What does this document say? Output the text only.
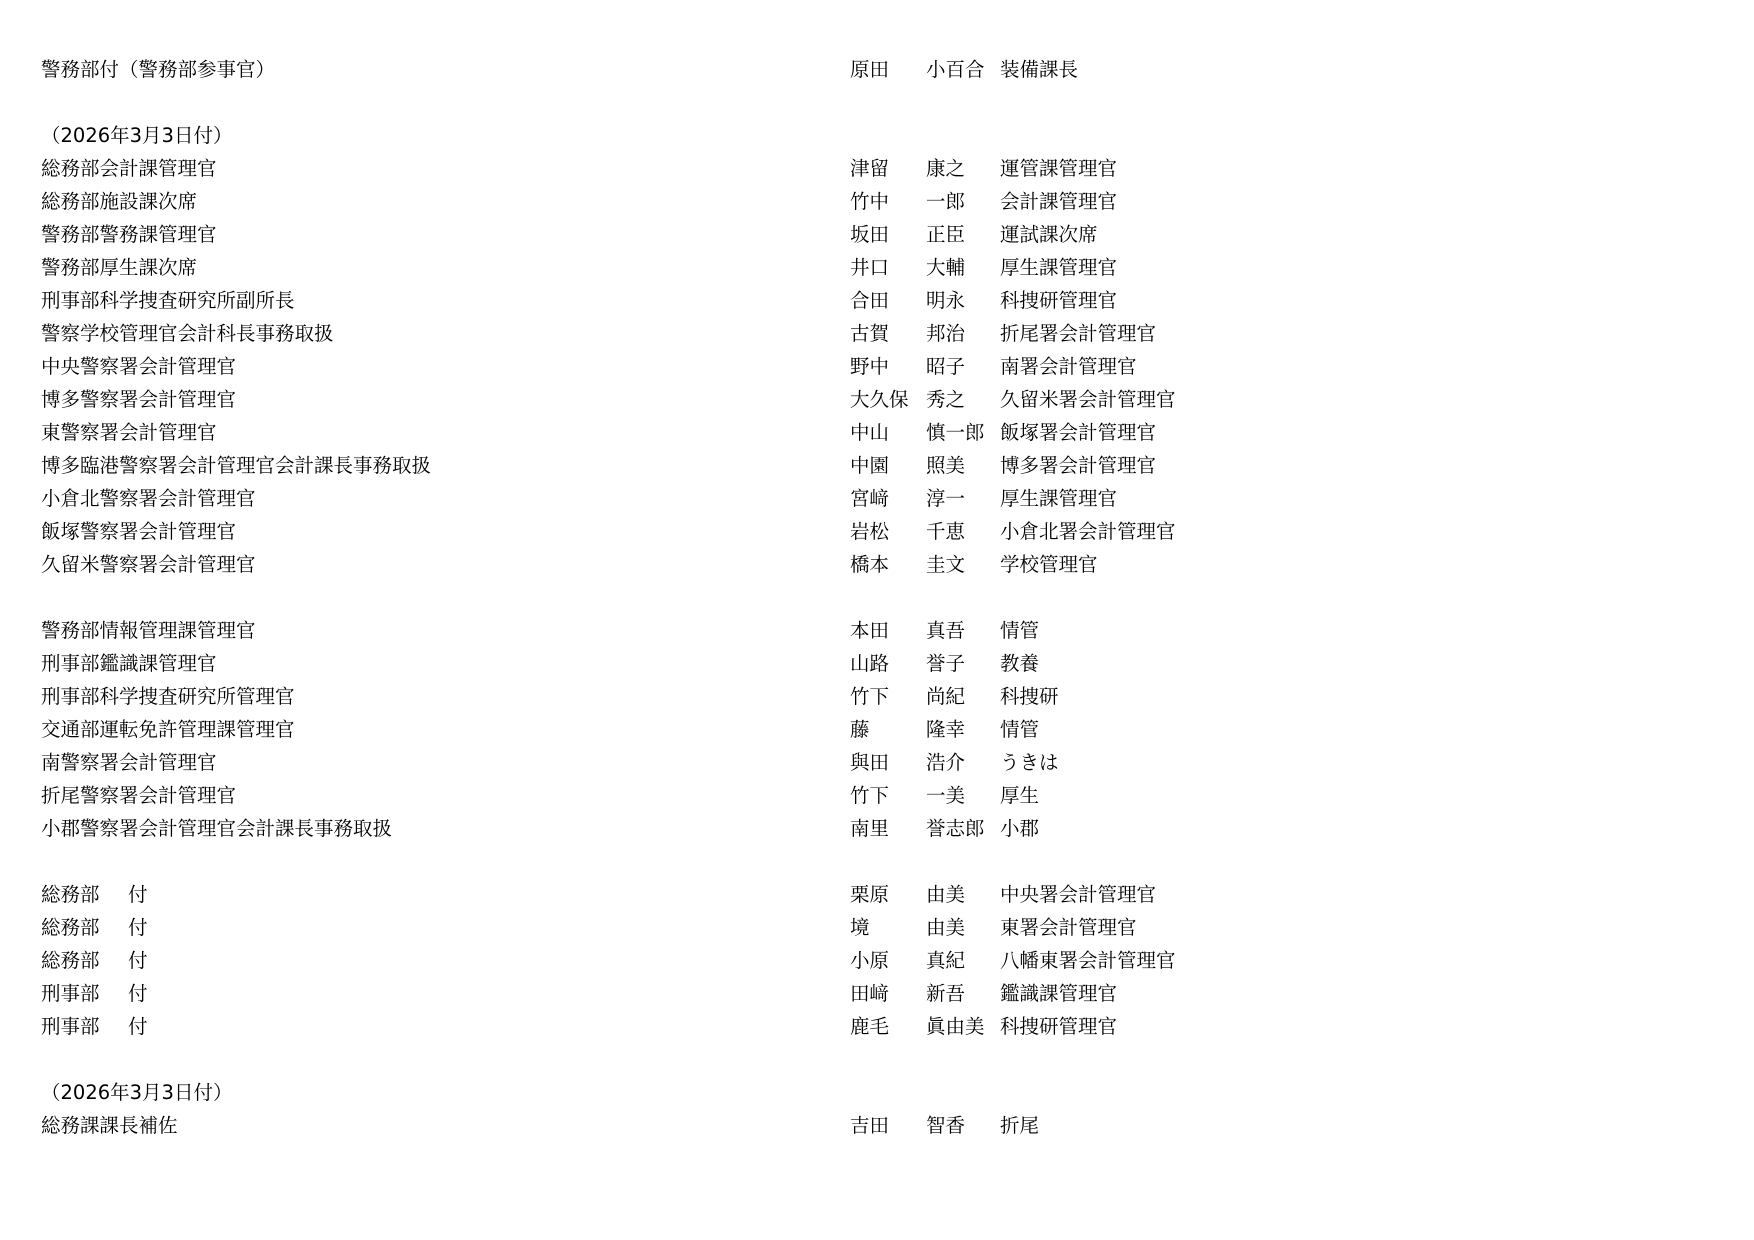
警務部付（警務部参事官）	原田 小百合 装備課長
（2026年3月3日付）
総務部会計課管理官	津留 康之 運管課管理官
総務部施設課次席	竹中 一郎 会計課管理官
警務部警務課管理官	坂田 正臣 運試課次席
警務部厚生課次席	井口 大輔 厚生課管理官
刑事部科学捜査研究所副所長	合田 明永 科捜研管理官
警察学校管理官会計科長事務取扱	古賀 邦治 折尾署会計管理官
中央警察署会計管理官	野中 昭子 南署会計管理官
博多警察署会計管理官	大久保 秀之 久留米署会計管理官
東警察署会計管理官	中山 慎一郎 飯塚署会計管理官
博多臨港警察署会計管理官会計課長事務取扱	中園 照美 博多署会計管理官
小倉北警察署会計管理官	宮﨑 淳一 厚生課管理官
飯塚警察署会計管理官	岩松 千恵 小倉北署会計管理官
久留米警察署会計管理官	橋本 圭文 学校管理官
警務部情報管理課管理官	本田 真吾 情管
刑事部鑑識課管理官	山路 誉子 教養
刑事部科学捜査研究所管理官	竹下 尚紀 科捜研
交通部運転免許管理課管理官	藤	隆幸 情管
南警察署会計管理官	與田 浩介 うきは
折尾警察署会計管理官	竹下 一美 厚生
小郡警察署会計管理官会計課長事務取扱	南里 誉志郎 小郡
総務部 付	栗原 由美 中央署会計管理官
総務部 付	境	由美 東署会計管理官
総務部 付	小原 真紀 八幡東署会計管理官
刑事部 付	田﨑 新吾 鑑識課管理官
刑事部 付	鹿毛 眞由美 科捜研管理官
（2026年3月3日付）
総務課課長補佐	吉田 智香 折尾
